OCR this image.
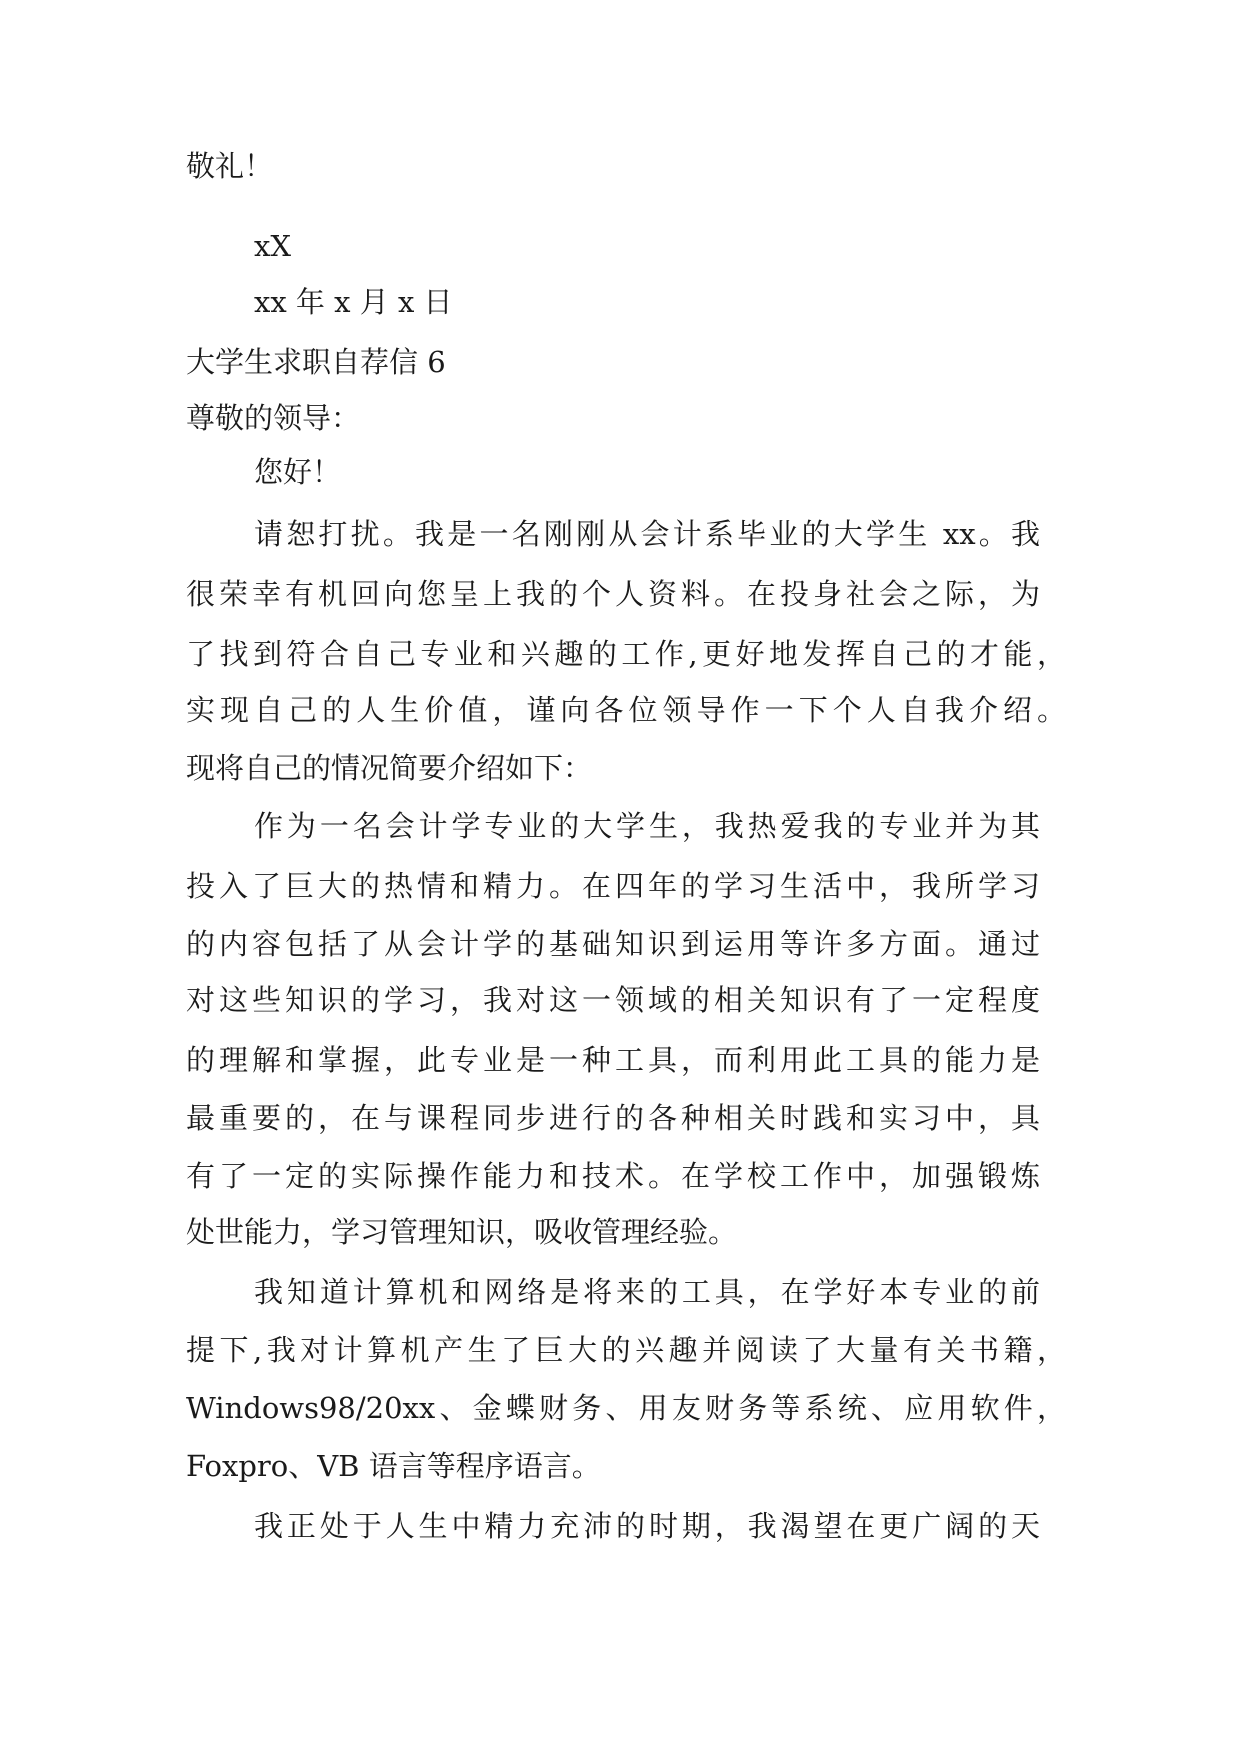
敬礼！

xX

xx 年 x 月 x 日

大学生求职自荐信 6

尊敬的领导：

您好！

请恕打扰。我是一名刚刚从会计系毕业的大学生 xx。我

很荣幸有机回向您呈上我的个人资料。在投身社会之际，为

了找到符合自己专业和兴趣的工作,更好地发挥自己的才能，

实现自己的人生价值，谨向各位领导作一下个人自我介绍。

现将自己的情况简要介绍如下：

作为一名会计学专业的大学生，我热爱我的专业并为其

投入了巨大的热情和精力。在四年的学习生活中，我所学习

的内容包括了从会计学的基础知识到运用等许多方面。通过

对这些知识的学习，我对这一领域的相关知识有了一定程度

的理解和掌握，此专业是一种工具，而利用此工具的能力是

最重要的，在与课程同步进行的各种相关时践和实习中，具

有了一定的实际操作能力和技术。在学校工作中，加强锻炼

处世能力，学习管理知识，吸收管理经验。

我知道计算机和网络是将来的工具，在学好本专业的前

提下,我对计算机产生了巨大的兴趣并阅读了大量有关书籍，

Windows98/20xx、金蝶财务、用友财务等系统、应用软件，

Foxpro、VB 语言等程序语言。

我正处于人生中精力充沛的时期，我渴望在更广阔的天
